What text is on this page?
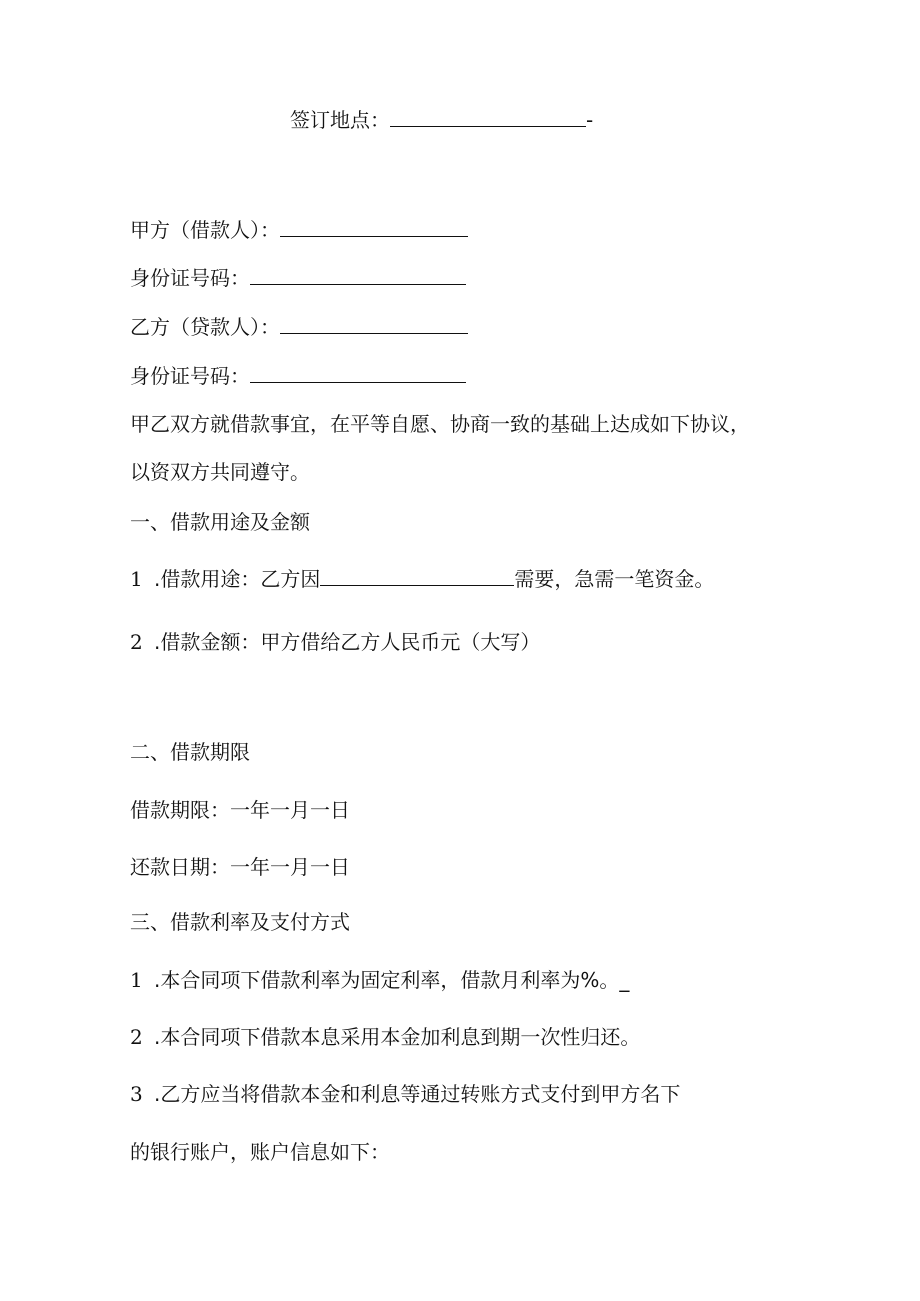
签订地点：	-
甲方（借款人）：
身份证号码：
乙方（贷款人）：
身份证号码：
甲乙双方就借款事宜，在平等自愿、协商一致的基础上达成如下协议，
以资双方共同遵守。
一、借款用途及金额
1 .借款用途：乙方因	需要，急需一笔资金。
2 .借款金额：甲方借给乙方人民币元（大写）
二、借款期限
借款期限：一年一月一日
还款日期：一年一月一日
三、借款利率及支付方式
1 .本合同项下借款利率为固定利率，借款月利率为%。_
2 .本合同项下借款本息采用本金加利息到期一次性归还。
3 .乙方应当将借款本金和利息等通过转账方式支付到甲方名下
的银行账户，账户信息如下：
